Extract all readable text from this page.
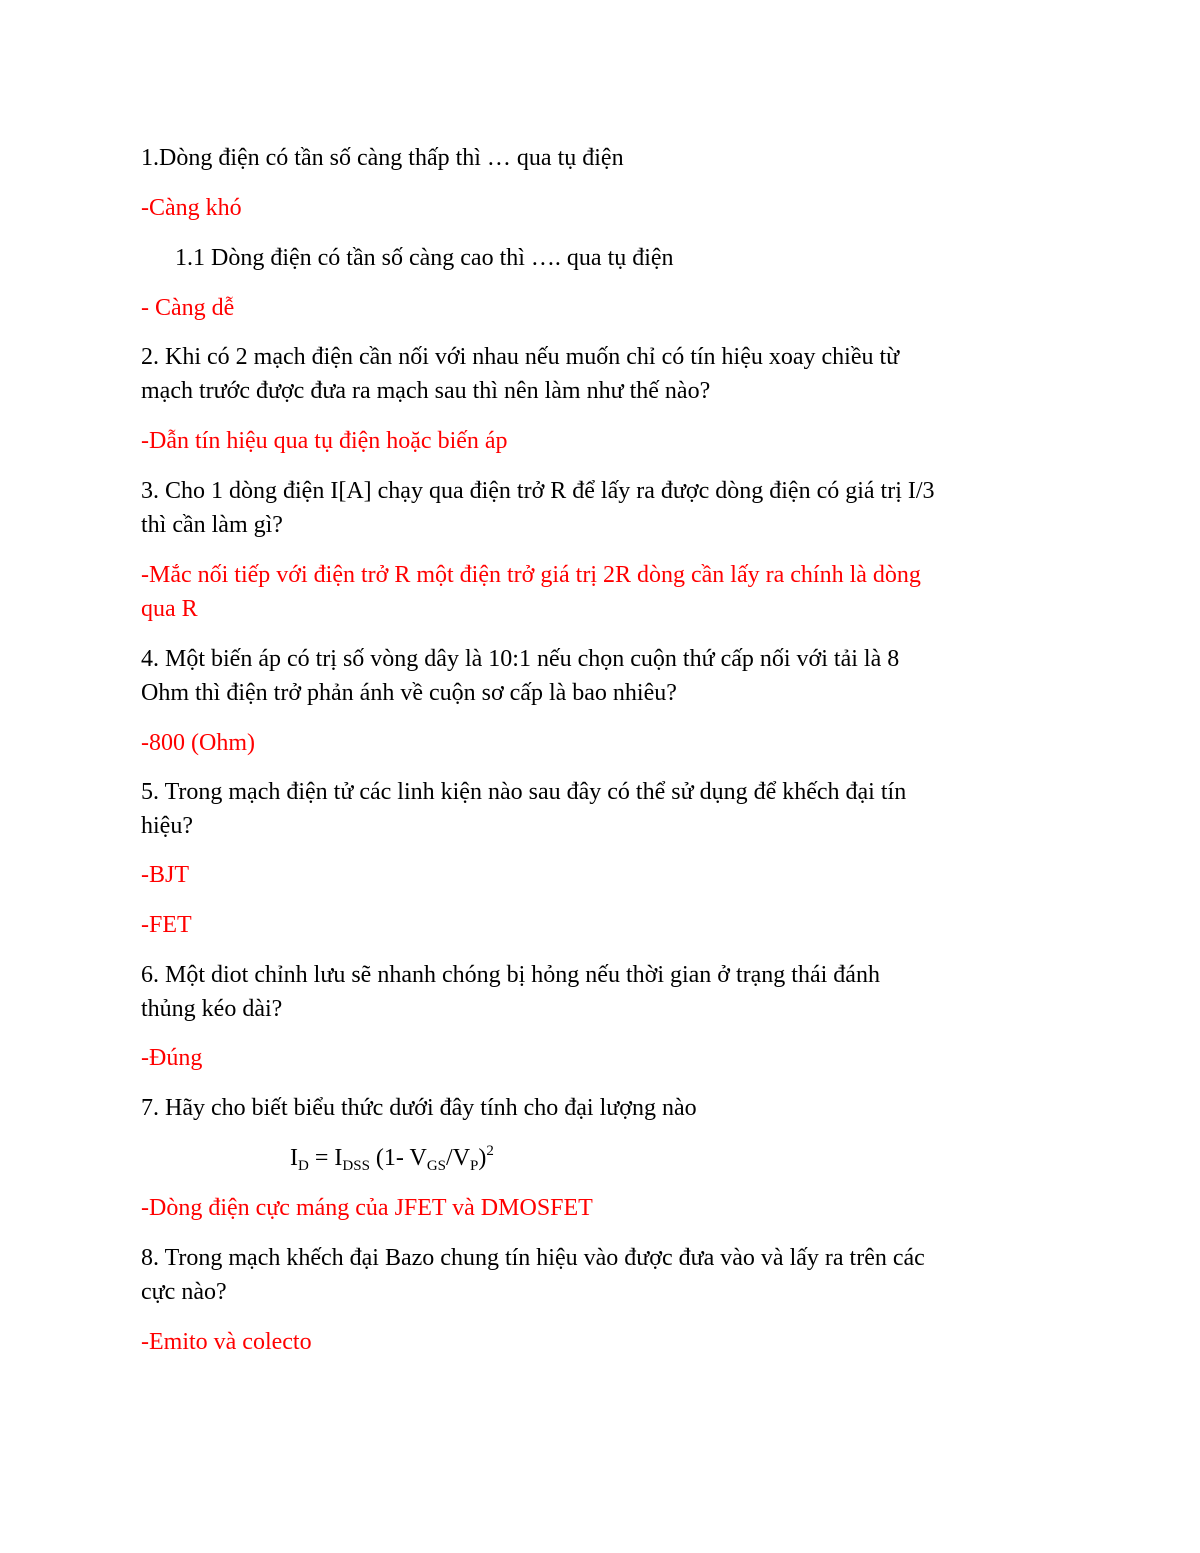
1.Dòng điện có tần số càng thấp thì … qua tụ điện
-Càng khó
1.1 Dòng điện có tần số càng cao thì …. qua tụ điện
- Càng dễ
2. Khi có 2 mạch điện cần nối với nhau nếu muốn chỉ có tín hiệu xoay chiều từ
mạch trước được đưa ra mạch sau thì nên làm như thế nào?
-Dẫn tín hiệu qua tụ điện hoặc biến áp
3. Cho 1 dòng điện I[A] chạy qua điện trở R để lấy ra được dòng điện có giá trị I/3
thì cần làm gì?
-Mắc nối tiếp với điện trở R một điện trở giá trị 2R dòng cần lấy ra chính là dòng
qua R
4. Một biến áp có trị số vòng dây là 10:1 nếu chọn cuộn thứ cấp nối với tải là 8
Ohm thì điện trở phản ánh về cuộn sơ cấp là bao nhiêu?
-800 (Ohm)
5. Trong mạch điện tử các linh kiện nào sau đây có thể sử dụng để khếch đại tín
hiệu?
-BJT
-FET
6. Một diot chỉnh lưu sẽ nhanh chóng bị hỏng nếu thời gian ở trạng thái đánh
thủng kéo dài?
-Đúng
7. Hãy cho biết biểu thức dưới đây tính cho đại lượng nào
$I_D = I_{DSS}$ (1- $V_{GS}/V_P)^2$
-Dòng điện cực máng của JFET và DMOSFET
8. Trong mạch khếch đại Bazo chung tín hiệu vào được đưa vào và lấy ra trên các
cực nào?
-Emito và colecto
